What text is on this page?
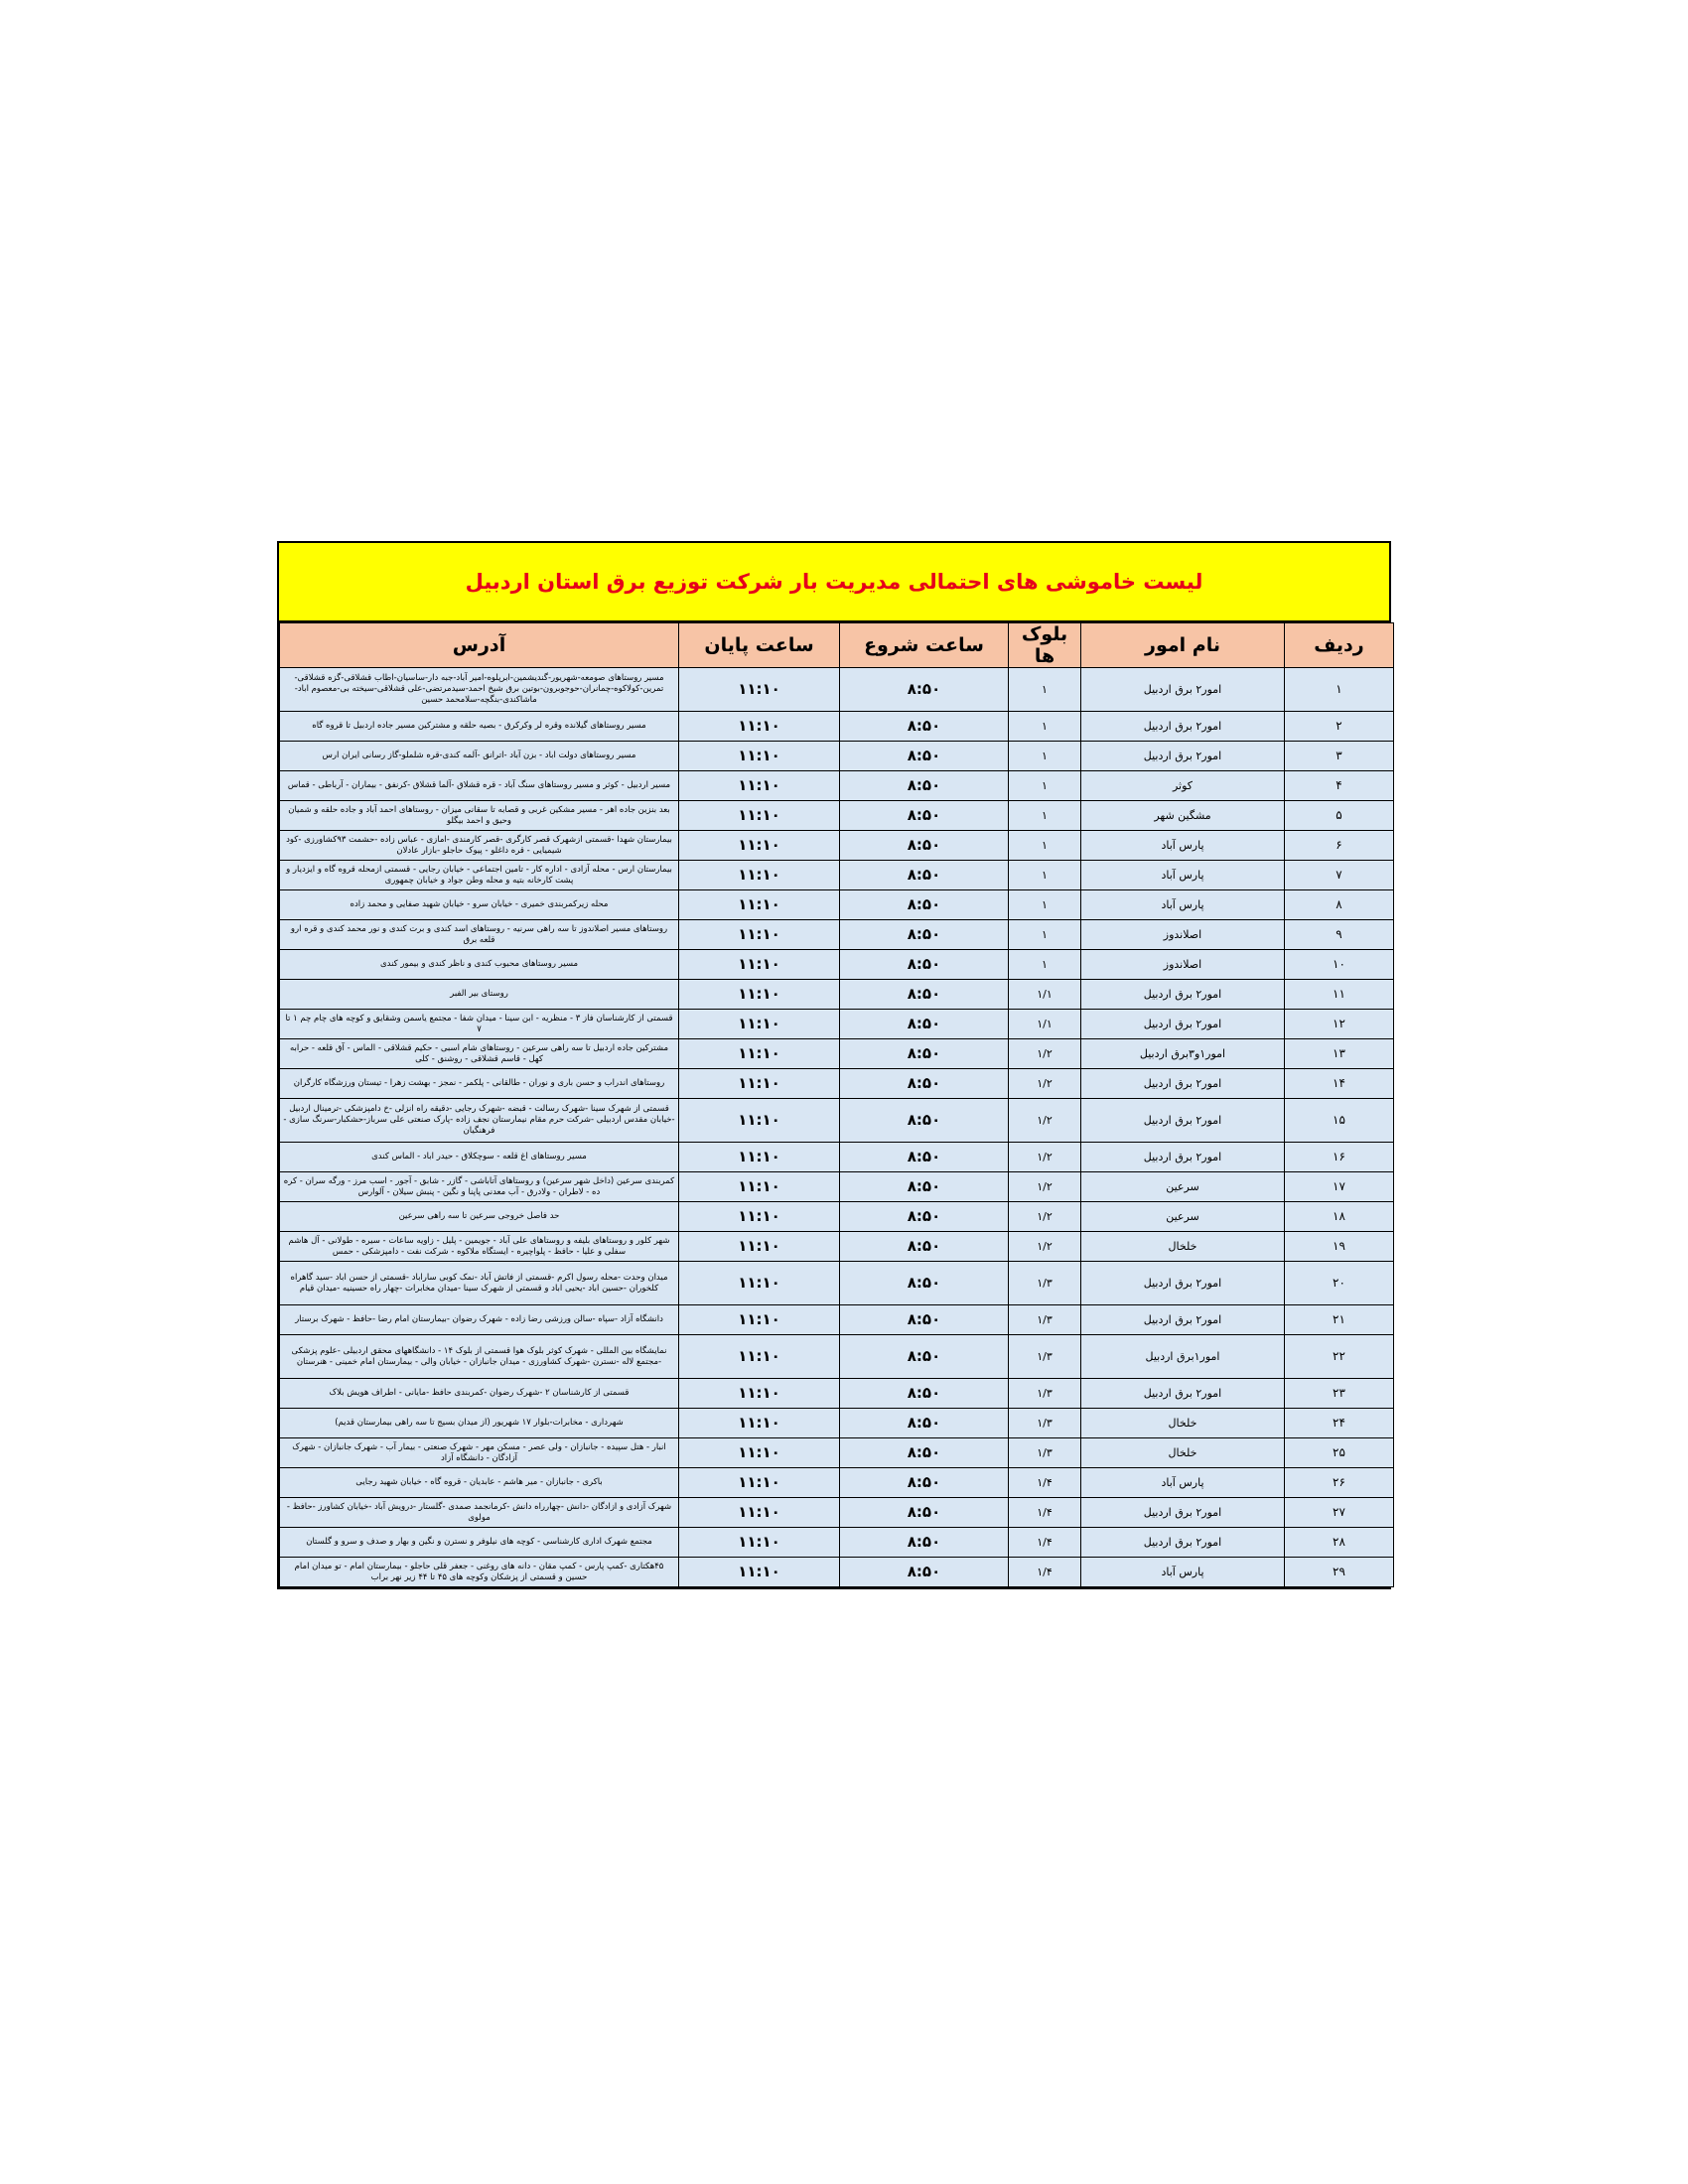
لیست خاموشی های احتمالی مدیریت بار شرکت توزیع برق استان اردبیل
ردیف	نام امور	بلوک ها	ساعت شروع	ساعت پایان	آدرس
۱	امور۲ برق اردبیل	۱	۸:۵۰	۱۱:۱۰	مسیر روستاهای صومعه-شهریور-گندیشمین-ابرپلوه-امیر آباد-جبه دار-ساسیان-اطاب قشلاقی-گزه قشلاقی-تمرین-کولاکوه-چمانران-حوجوبرون-بوتین برق شیخ احمد-سیدمرتضی-علی قشلاقی-سیخته بی-معصوم اباد-ماشاکندی-بنگچه-سلامحمد حسین
۲	امور۲ برق اردبیل	۱	۸:۵۰	۱۱:۱۰	مسیر روستاهای گیلانده وقره لر وکرکرق - بصیه حلقه و مشترکین مسیر جاده اردبیل تا قروه گاه
۳	امور۲ برق اردبیل	۱	۸:۵۰	۱۱:۱۰	مسیر روستاهای دولت اباد - بزن آباد -اترانق -آلمه کندی-قره شلملو-گاز رسانی ایران ارس
۴	کوثر	۱	۸:۵۰	۱۱:۱۰	مسیر اردبیل - کوثر و مسیر روستاهای سنگ آباد - قره قشلاق -آلما قشلاق -کرنفق - بیماران - آرباطی - قماس
۵	مشگین شهر	۱	۸:۵۰	۱۱:۱۰	بعد بنزین جاده اهر - مسیر مشکین غربی و قصابه تا سقانی میزان - روستاهای احمد آباد و جاده حلقه و شمیان وحیق و احمد بیگلو
۶	پارس آباد	۱	۸:۵۰	۱۱:۱۰	بیمارستان شهدا -قسمتی ازشهرک قصر کارگری -قصر کارمندی -امازی - عباس زاده -حشمت ۹۳کشاورزی -کود شیمیایی - قره داغلو - پیوک حاجلو -بازار عادلان
۷	پارس آباد	۱	۸:۵۰	۱۱:۱۰	بیمارستان ارس - محله آزادی - اداره کار - تامین اجتماعی - خیابان رجایی - قسمتی ازمحله قروه گاه و ایزدیار و پشت کارخانه بتیه و محله وطن جواد و خیابان چمهوری
۸	پارس آباد	۱	۸:۵۰	۱۱:۱۰	محله زیرکمربندی خمیری - خیابان سرو - خیابان شهید صفایی و محمد زاده
۹	اصلاندوز	۱	۸:۵۰	۱۱:۱۰	روستاهای مسیر اصلاندوز تا سه راهی سرنیه - روستاهای اسد کندی و برت کندی و نور محمد کندی و قره ارو قلعه برق
۱۰	اصلاندوز	۱	۸:۵۰	۱۱:۱۰	مسیر روستاهای محبوب کندی و ناظر کندی و بیمور کندی
۱۱	امور۲ برق اردبیل	۱/۱	۸:۵۰	۱۱:۱۰	روستای بیر الفبر
۱۲	امور۲ برق اردبیل	۱/۱	۸:۵۰	۱۱:۱۰	قسمتی از کارشناسان فاز ۳ - منظریه - ابن سینا - میدان شفا - مجتمع یاسمن وشقایق و کوچه های چام چم ۱ تا ۷
۱۳	امور۱و۳برق اردبیل	۱/۲	۸:۵۰	۱۱:۱۰	مشترکین جاده اردبیل تا سه راهی سرعین - روستاهای شام اسبی - حکیم قشلاقی - الماس - آق قلعه - حرابه کهل - قاسم قشلاقی - روشنق - کلی
۱۴	امور۲ برق اردبیل	۱/۲	۸:۵۰	۱۱:۱۰	روستاهای اندراب و حسن باری و نوران - طالقانی - پلکمر - نمجز - بهشت زهرا - تیستان ورزشگاه کارگران
۱۵	امور۲ برق اردبیل	۱/۲	۸:۵۰	۱۱:۱۰	قسمتی از شهرک سینا -شهرک رسالت - قبضه -شهرک رجایی -دقیقه راه انزلی -خ دامپزشکی -ترمینال اردبیل -خیابان مقدس اردبیلی -شرکت حرم مقام نیمارستان نجف زاده -پارک صنعتی علی سرباز-حشکبار-سرنگ سازی - فرهنگیان
۱۶	امور۲ برق اردبیل	۱/۲	۸:۵۰	۱۱:۱۰	مسیر روستاهای اغ قلعه - سوچکلاق - حیدر اباد - الماس کندی
۱۷	سرعین	۱/۲	۸:۵۰	۱۱:۱۰	کمربندی سرعین (داخل شهر سرعین) و روستاهای آتاباشی - گازر - شابق - آجور - اسب مرز - ورگه سران - کره ده - لاطران - ولادرق - آب معدنی پاپنا و نگین - پنبش سیلان - آلوارس
۱۸	سرعین	۱/۲	۸:۵۰	۱۱:۱۰	حد فاصل خروجی سرعین تا سه راهی سرعین
۱۹	خلخال	۱/۲	۸:۵۰	۱۱:۱۰	شهر کلور و روستاهای بلیفه و روستاهای علی آباد - جویمین - پلیل - زاویه ساعات - سیره - طولانی - آل هاشم سفلی و علیا - حافظ - پلواچیره - ایستگاه ملاکوه - شرکت نفت - دامپزشکی - حمس
۲۰	امور۲ برق اردبیل	۱/۳	۸:۵۰	۱۱:۱۰	میدان وحدت -محله رسول اکرم -قسمتی از فاتش آباد -نمک کوبی ساراباد -قسمتی از حسن اباد -سید گاهراه کلخوران -حسین اباد -یحیی اباد و قسمتی از شهرک سینا -میدان مخابرات -چهار راه حسینیه -میدان قیام
۲۱	امور۲ برق اردبیل	۱/۳	۸:۵۰	۱۱:۱۰	دانشگاه آزاد -سپاه -سالن ورزشی رضا زاده - شهرک رضوان -بیمارستان امام رضا -حافظ - شهرک برستار
۲۲	امور۱برق اردبیل	۱/۳	۸:۵۰	۱۱:۱۰	نمایشگاه بین المللی - شهرک کوثر بلوک هوا قسمتی از بلوک ۱۴ - دانشگاههای محقق اردبیلی -علوم پزشکی -مجتمع لاله -نسترن -شهرک کشاورزی - میدان جانبازان - خیابان والی - بیمارستان امام خمینی - هنرستان
۲۳	امور۲ برق اردبیل	۱/۳	۸:۵۰	۱۱:۱۰	قسمتی از کارشناسان ۲ -شهرک رضوان -کمربندی حافظ -مایانی - اطراف هویش بلاک
۲۴	خلخال	۱/۳	۸:۵۰	۱۱:۱۰	شهرداری - مخابرات-بلوار ۱۷ شهریور (از میدان بسیج تا سه راهی بیمارستان قدیم)
۲۵	خلخال	۱/۳	۸:۵۰	۱۱:۱۰	انبار - هتل سپیده - جانبازان - ولی عصر - مسکن مهر - شهرک صنعتی - بیمار آب - شهرک جانبازان - شهرک آزادگان - دانشگاه آزاد
۲۶	پارس آباد	۱/۴	۸:۵۰	۱۱:۱۰	باکری - جانبازان - میر هاشم - عابدیان - قروه گاه - خیابان شهید رجایی
۲۷	امور۲ برق اردبیل	۱/۴	۸:۵۰	۱۱:۱۰	شهرک آزادی و ازادگان -دانش -چهارراه دانش -کرمانجمد صمدی -گلستار -درویش آباد -خیابان کشاورز -حافظ - مولوی
۲۸	امور۲ برق اردبیل	۱/۴	۸:۵۰	۱۱:۱۰	مجتمع شهرک اداری کارشناسی - کوچه های نیلوفر و نسترن و نگین و بهار و صدف و سرو و گلستان
۲۹	پارس آباد	۱/۴	۸:۵۰	۱۱:۱۰	۴۵هکتاری -کمپ پارس - کمپ مقان - دانه های روغنی - جعفر قلی حاجلو - بیمارستان امام - تو میدان امام حسین و قسمتی از پزشکان وکوچه های ۴۵ تا ۴۴ زیر نهر براب
